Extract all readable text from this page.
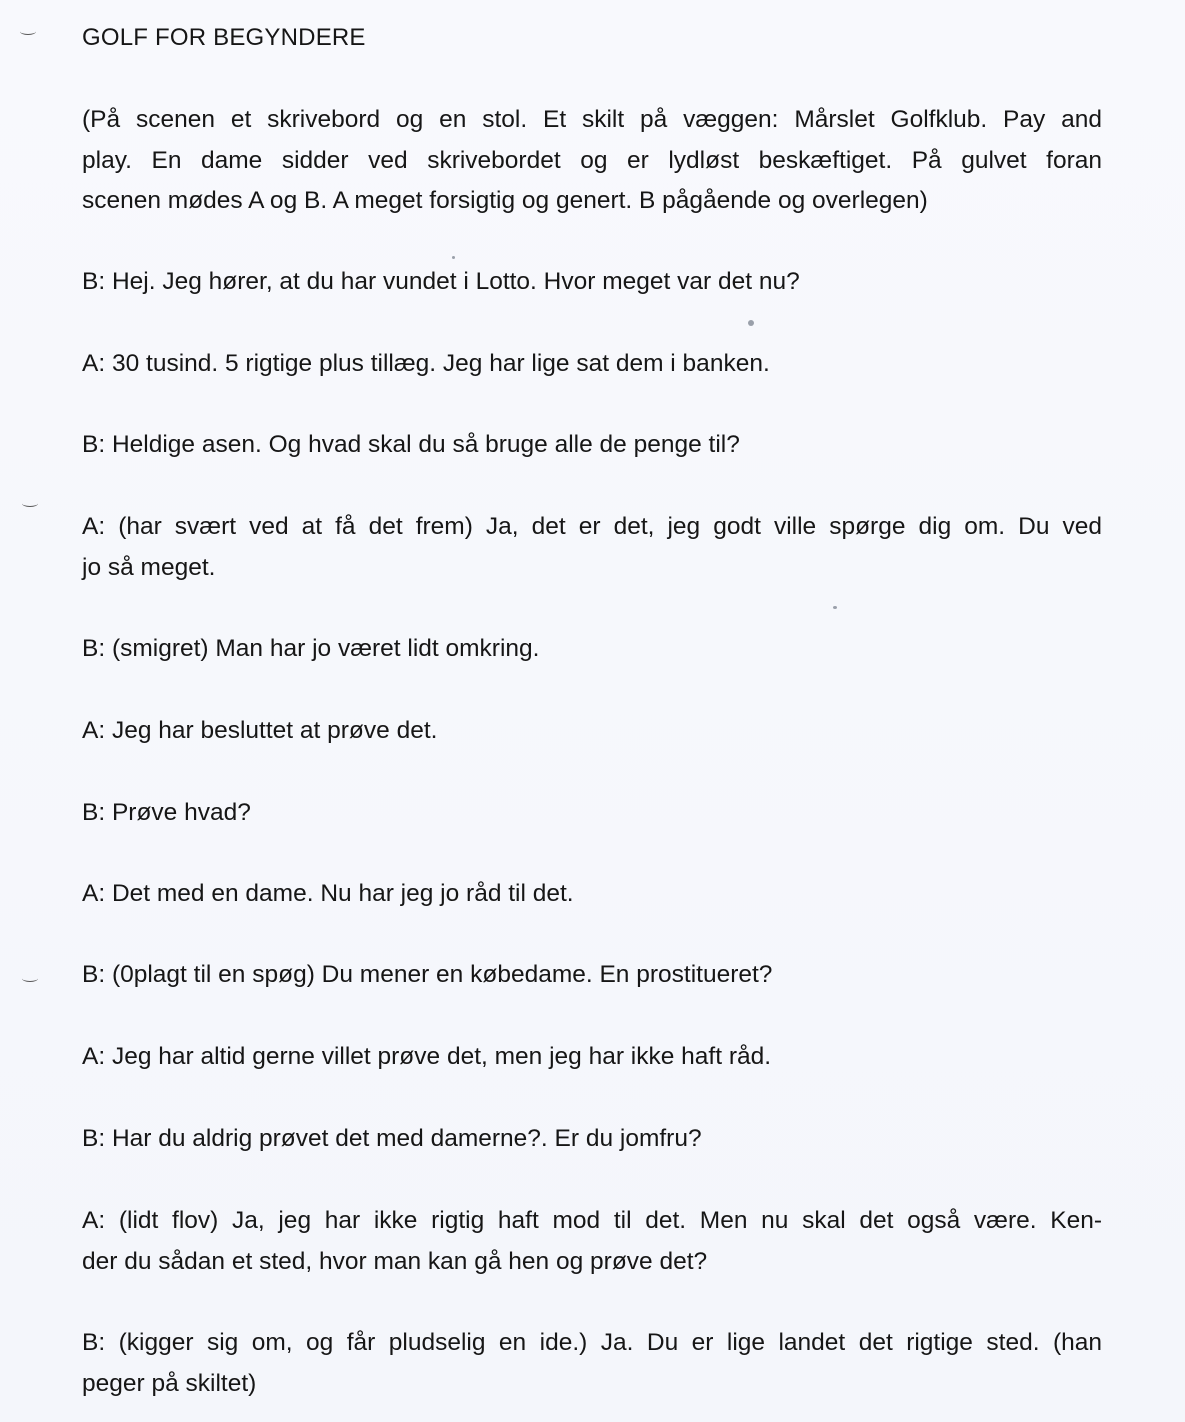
GOLF FOR BEGYNDERE
(På scenen et skrivebord og en stol. Et skilt på væggen: Mårslet Golfklub. Pay and
play. En dame sidder ved skrivebordet og er lydløst beskæftiget. På gulvet foran
scenen mødes A og B. A meget forsigtig og genert. B pågående og overlegen)
B: Hej. Jeg hører, at du har vundet i Lotto. Hvor meget var det nu?
A: 30 tusind. 5 rigtige plus tillæg. Jeg har lige sat dem i banken.
B: Heldige asen. Og hvad skal du så bruge alle de penge til?
A: (har svært ved at få det frem) Ja, det er det, jeg godt ville spørge dig om. Du ved
jo så meget.
B: (smigret) Man har jo været lidt omkring.
A: Jeg har besluttet at prøve det.
B: Prøve hvad?
A: Det med en dame. Nu har jeg jo råd til det.
B: (0plagt til en spøg) Du mener en købedame. En prostitueret?
A: Jeg har altid gerne villet prøve det, men jeg har ikke haft råd.
B: Har du aldrig prøvet det med damerne?. Er du jomfru?
A: (lidt flov) Ja, jeg har ikke rigtig haft mod til det. Men nu skal det også være. Ken-
der du sådan et sted, hvor man kan gå hen og prøve det?
B: (kigger sig om, og får pludselig en ide.) Ja. Du er lige landet det rigtige sted. (han
peger på skiltet)
